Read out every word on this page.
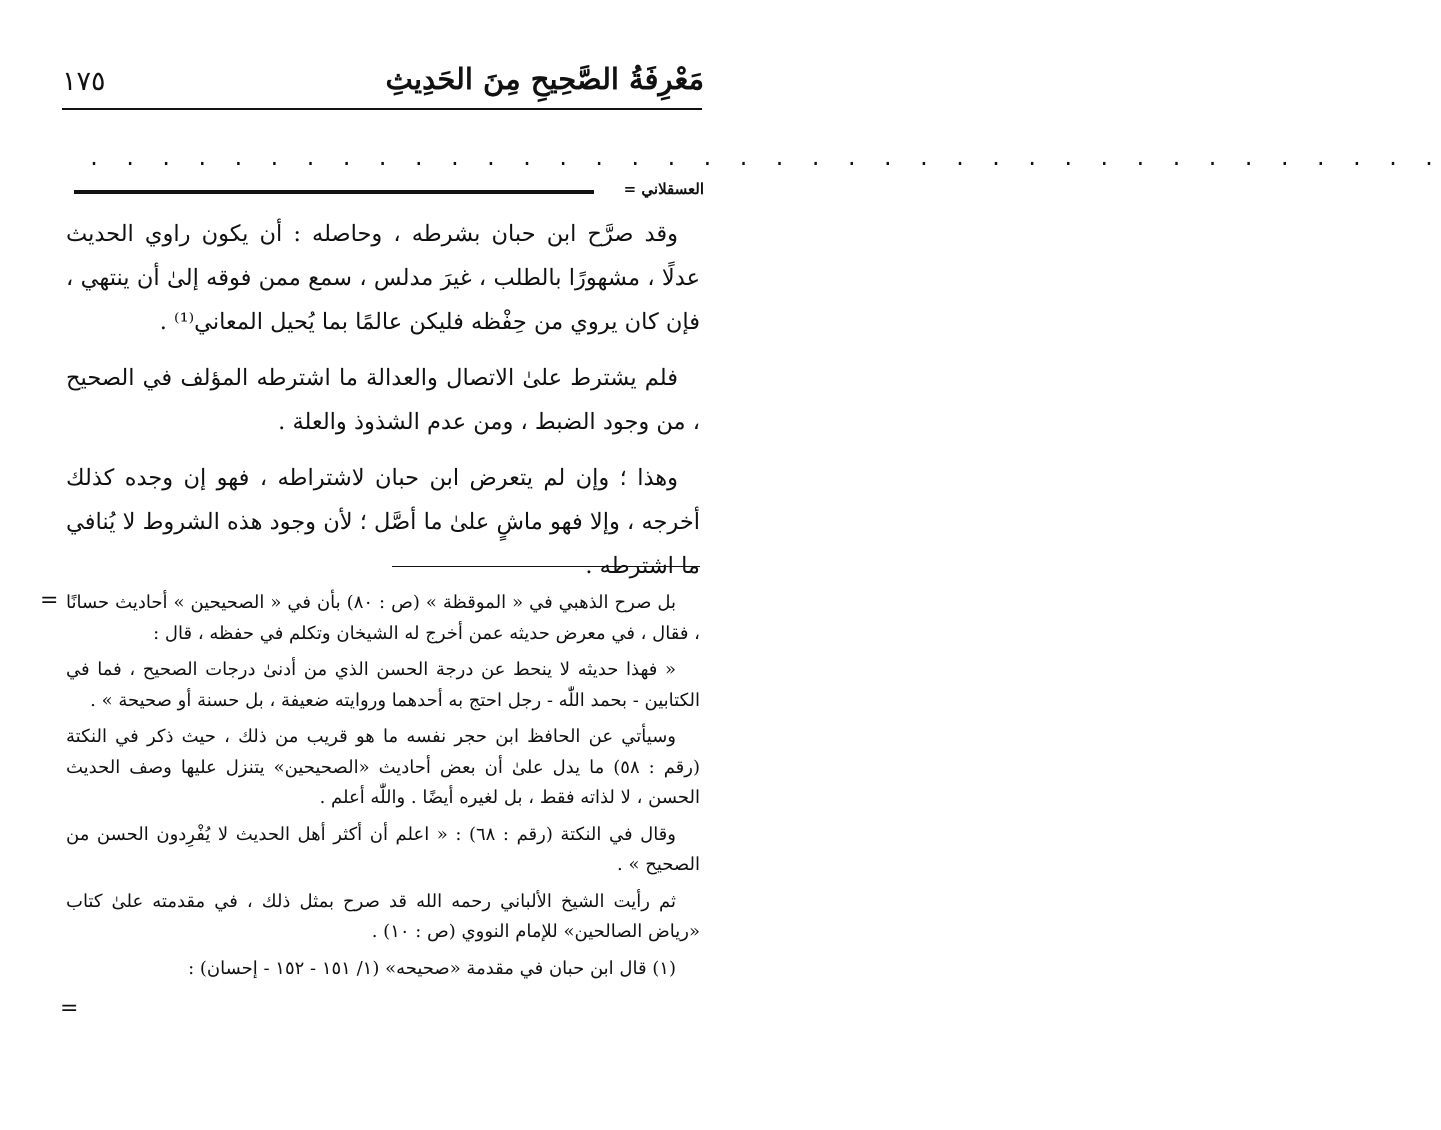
مَعْرِفَةُ الصَّحِيحِ مِنَ الحَدِيثِ
١٧٥
. . . . . . . . . . . . . . . . . . . . . . . . . . . . . . . . . . . . . .
العسقلاني =

وقد صرَّح ابن حبان بشرطه ، وحاصله : أن يكون راوي الحديث عدلًا ، مشهورًا بالطلب ، غيرَ مدلس ، سمع ممن فوقه إلىٰ أن ينتهي ، فإن كان يروي من حِفْظه فليكن عالمًا بما يُحيل المعاني⁽¹⁾ .

فلم يشترط علىٰ الاتصال والعدالة ما اشترطه المؤلف في الصحيح ، من وجود الضبط ، ومن عدم الشذوذ والعلة .

وهذا ؛ وإن لم يتعرض ابن حبان لاشتراطه ، فهو إن وجده كذلك أخرجه ، وإلا فهو ماشٍ علىٰ ما أصَّل ؛ لأن وجود هذه الشروط لا يُنافي ما اشترطه .

= بل صرح الذهبي في « الموقظة » (ص : ٨٠) بأن في « الصحيحين » أحاديث حسانًا ، فقال ، في معرض حديثه عمن أخرج له الشيخان وتكلم في حفظه ، قال :

« فهذا حديثه لا ينحط عن درجة الحسن الذي من أدنىٰ درجات الصحيح ، فما في الكتابين - بحمد اللّٰه - رجل احتج به أحدهما وروايته ضعيفة ، بل حسنة أو صحيحة » .

وسيأتي عن الحافظ ابن حجر نفسه ما هو قريب من ذلك ، حيث ذكر في النكتة (رقم : ٥٨) ما يدل علىٰ أن بعض أحاديث «الصحيحين» يتنزل عليها وصف الحديث الحسن ، لا لذاته فقط ، بل لغيره أيضًا . واللّٰه أعلم .

وقال في النكتة (رقم : ٦٨) : « اعلم أن أكثر أهل الحديث لا يُفْرِدون الحسن من الصحيح » .

ثم رأيت الشيخ الألباني رحمه الله قد صرح بمثل ذلك ، في مقدمته علىٰ كتاب «رياض الصالحين» للإمام النووي (ص : ١٠) .

(١) قال ابن حبان في مقدمة «صحيحه» (١/ ١٥١ - ١٥٢ - إحسان) :

=
